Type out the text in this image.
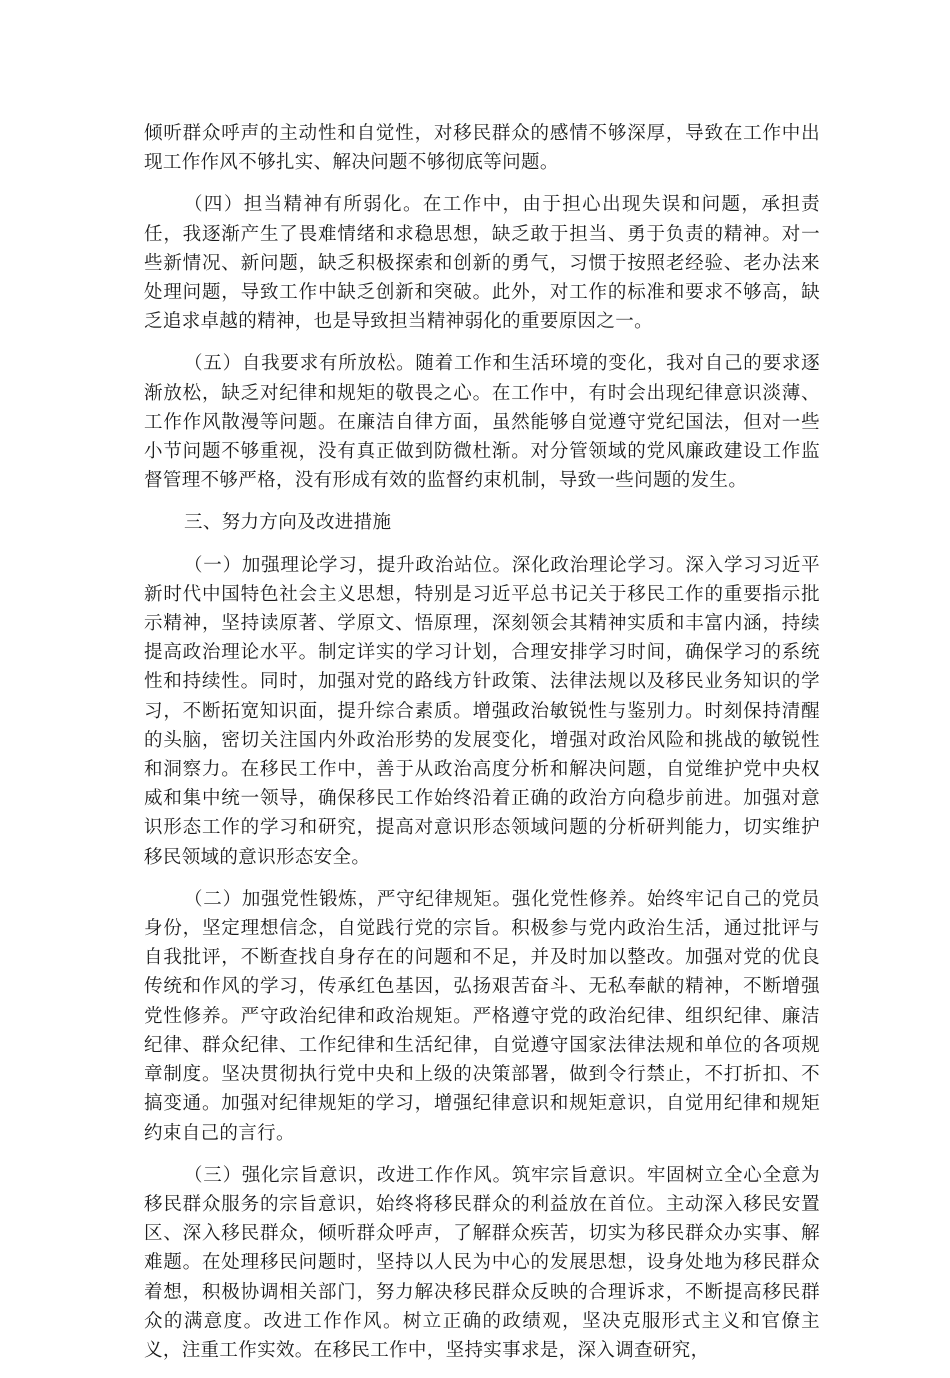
倾听群众呼声的主动性和自觉性，对移民群众的感情不够深厚，导致在工作中出现工作作风不够扎实、解决问题不够彻底等问题。

（四）担当精神有所弱化。在工作中，由于担心出现失误和问题，承担责任，我逐渐产生了畏难情绪和求稳思想，缺乏敢于担当、勇于负责的精神。对一些新情况、新问题，缺乏积极探索和创新的勇气，习惯于按照老经验、老办法来处理问题，导致工作中缺乏创新和突破。此外，对工作的标准和要求不够高，缺乏追求卓越的精神，也是导致担当精神弱化的重要原因之一。

（五）自我要求有所放松。随着工作和生活环境的变化，我对自己的要求逐渐放松，缺乏对纪律和规矩的敬畏之心。在工作中，有时会出现纪律意识淡薄、工作作风散漫等问题。在廉洁自律方面，虽然能够自觉遵守党纪国法，但对一些小节问题不够重视，没有真正做到防微杜渐。对分管领域的党风廉政建设工作监督管理不够严格，没有形成有效的监督约束机制，导致一些问题的发生。

三、努力方向及改进措施

（一）加强理论学习，提升政治站位。深化政治理论学习。深入学习习近平新时代中国特色社会主义思想，特别是习近平总书记关于移民工作的重要指示批示精神，坚持读原著、学原文、悟原理，深刻领会其精神实质和丰富内涵，持续提高政治理论水平。制定详实的学习计划，合理安排学习时间，确保学习的系统性和持续性。同时，加强对党的路线方针政策、法律法规以及移民业务知识的学习，不断拓宽知识面，提升综合素质。增强政治敏锐性与鉴别力。时刻保持清醒的头脑，密切关注国内外政治形势的发展变化，增强对政治风险和挑战的敏锐性和洞察力。在移民工作中，善于从政治高度分析和解决问题，自觉维护党中央权威和集中统一领导，确保移民工作始终沿着正确的政治方向稳步前进。加强对意识形态工作的学习和研究，提高对意识形态领域问题的分析研判能力，切实维护移民领域的意识形态安全。

（二）加强党性锻炼，严守纪律规矩。强化党性修养。始终牢记自己的党员身份，坚定理想信念，自觉践行党的宗旨。积极参与党内政治生活，通过批评与自我批评，不断查找自身存在的问题和不足，并及时加以整改。加强对党的优良传统和作风的学习，传承红色基因，弘扬艰苦奋斗、无私奉献的精神，不断增强党性修养。严守政治纪律和政治规矩。严格遵守党的政治纪律、组织纪律、廉洁纪律、群众纪律、工作纪律和生活纪律，自觉遵守国家法律法规和单位的各项规章制度。坚决贯彻执行党中央和上级的决策部署，做到令行禁止，不打折扣、不搞变通。加强对纪律规矩的学习，增强纪律意识和规矩意识，自觉用纪律和规矩约束自己的言行。

（三）强化宗旨意识，改进工作作风。筑牢宗旨意识。牢固树立全心全意为移民群众服务的宗旨意识，始终将移民群众的利益放在首位。主动深入移民安置区、深入移民群众，倾听群众呼声，了解群众疾苦，切实为移民群众办实事、解难题。在处理移民问题时，坚持以人民为中心的发展思想，设身处地为移民群众着想，积极协调相关部门，努力解决移民群众反映的合理诉求，不断提高移民群众的满意度。改进工作作风。树立正确的政绩观，坚决克服形式主义和官僚主义，注重工作实效。在移民工作中，坚持实事求是，深入调查研究，
